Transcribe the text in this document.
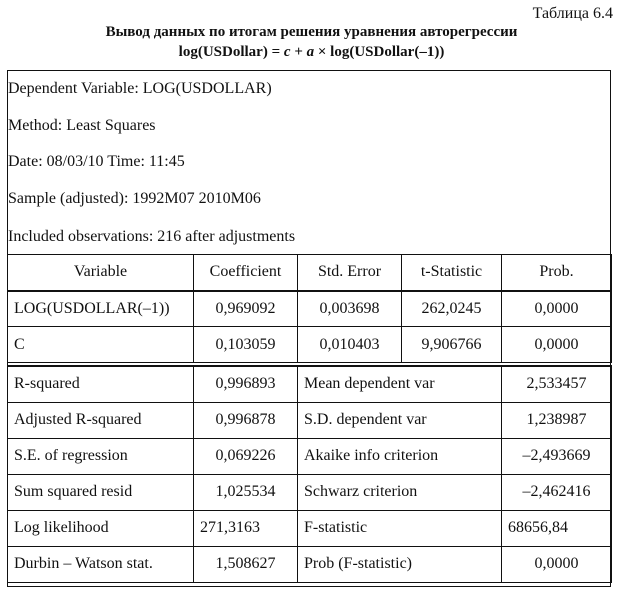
Таблица 6.4
Вывод данных по итогам решения уравнения авторегрессии
log(USDollar) = c + a × log(USDollar(–1))
Dependent Variable: LOG(USDOLLAR)
Method: Least Squares
Date: 08/03/10 Time: 11:45
Sample (adjusted): 1992M07 2010M06
Included observations: 216 after adjustments
Variable	Coefficient	Std. Error	t-Statistic	Prob.
LOG(USDOLLAR(–1))	0,969092	0,003698	262,0245	0,0000
C	0,103059	0,010403	9,906766	0,0000
R-squared	0,996893	Mean dependent var	2,533457
Adjusted R-squared	0,996878	S.D. dependent var	1,238987
S.E. of regression	0,069226	Akaike info criterion	–2,493669
Sum squared resid	1,025534	Schwarz criterion	–2,462416
Log likelihood	271,3163	F-statistic	68656,84
Durbin – Watson stat.	1,508627	Prob (F-statistic)	0,0000
